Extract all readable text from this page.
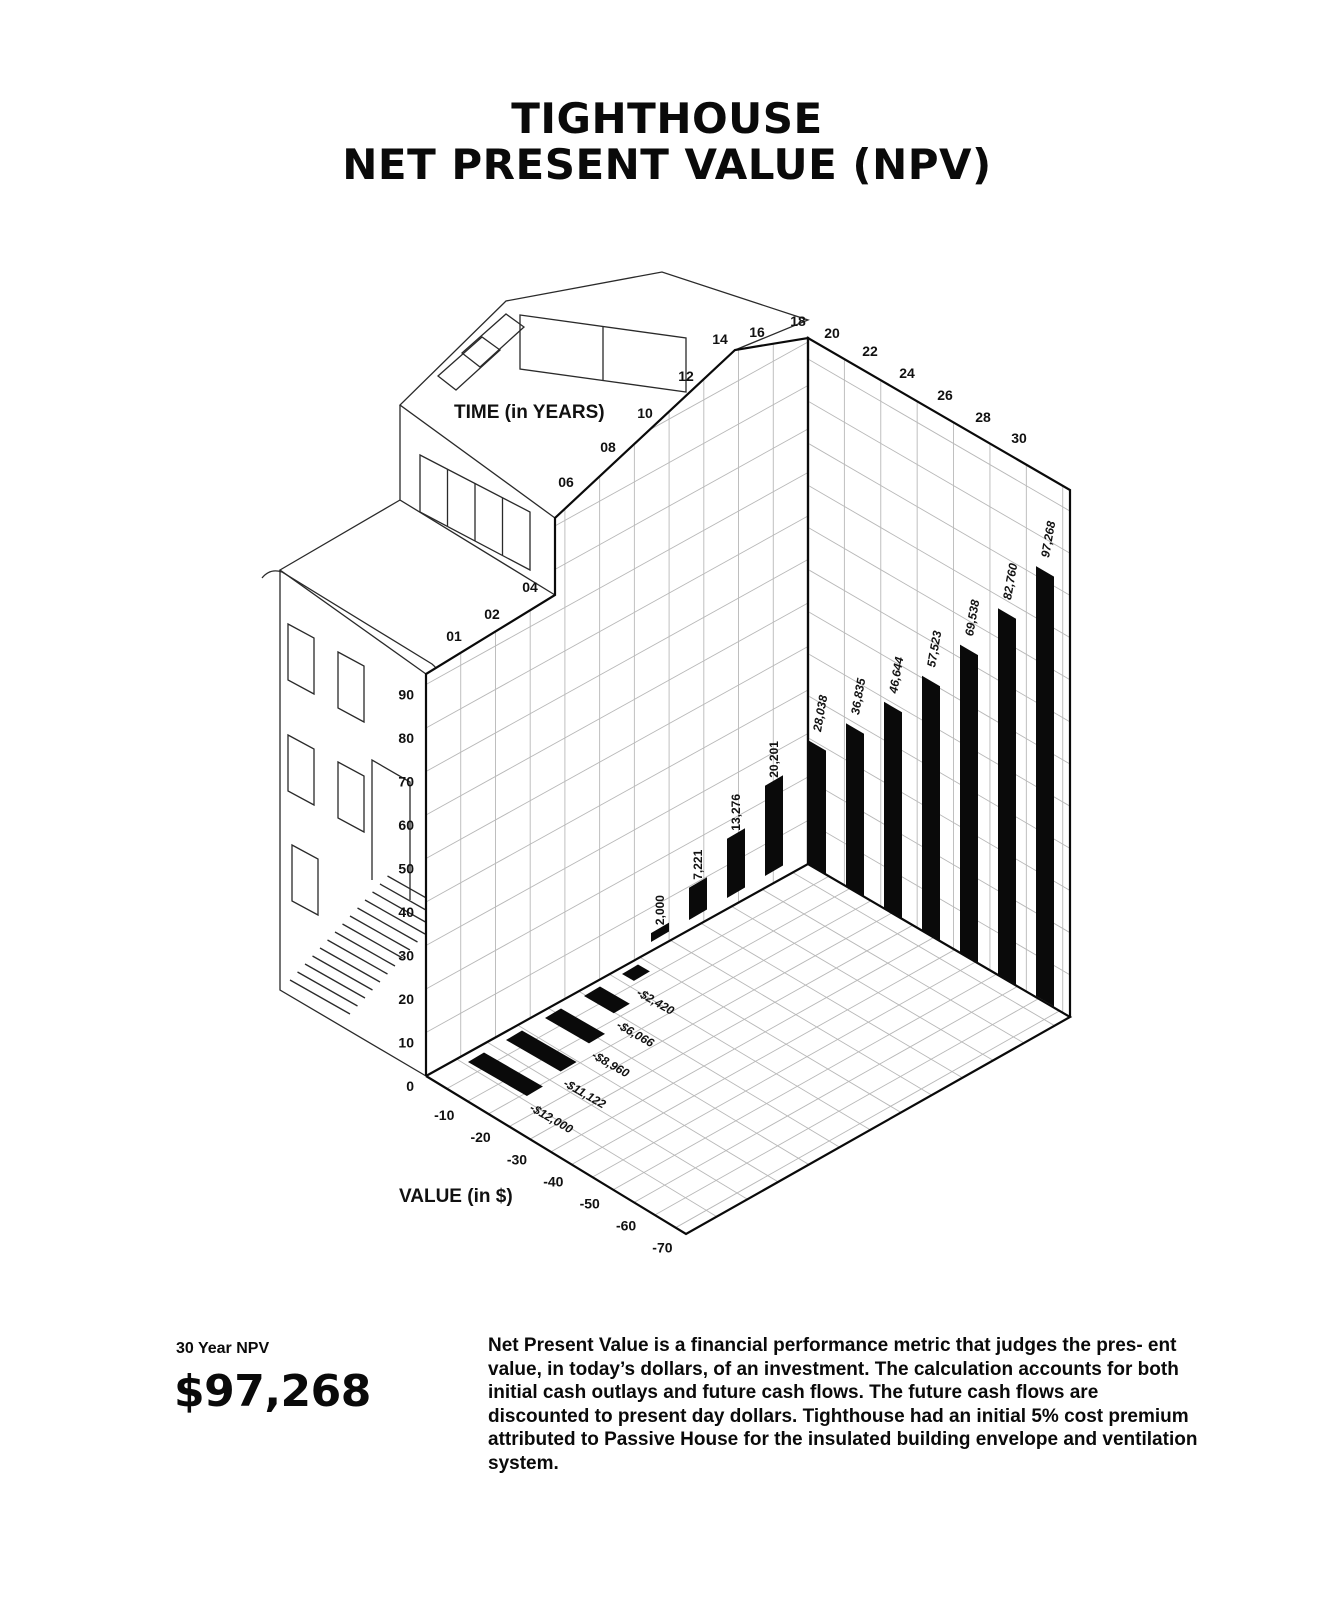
TIGHTHOUSE
NET PRESENT VALUE (NPV)
01
02
04
06
08
10
12
14 16
18
20
22
24
26
28
30
0
10
20
30
40
50
60
70
80
90
-10
-20
-30
-40
-50
-60
-70
TIME (in YEARS)
VALUE (in $)
-$12,000
-$11,122
-$8,960
-$6,066
-$2,420
2,000
7,221
13,276
20,201
28,038 36,835
46,644
57,523
69,538
82,760
97,268
30 Year NPV
$97,268

Net Present Value is a financial performance metric that judges the pres- ent value, in today’s dollars, of an investment. The calculation accounts for both initial cash outlays and future cash flows. The future cash flows are discounted to present day dollars. Tighthouse had an initial 5% cost premium attributed to Passive House for the insulated building envelope and ventilation system.
